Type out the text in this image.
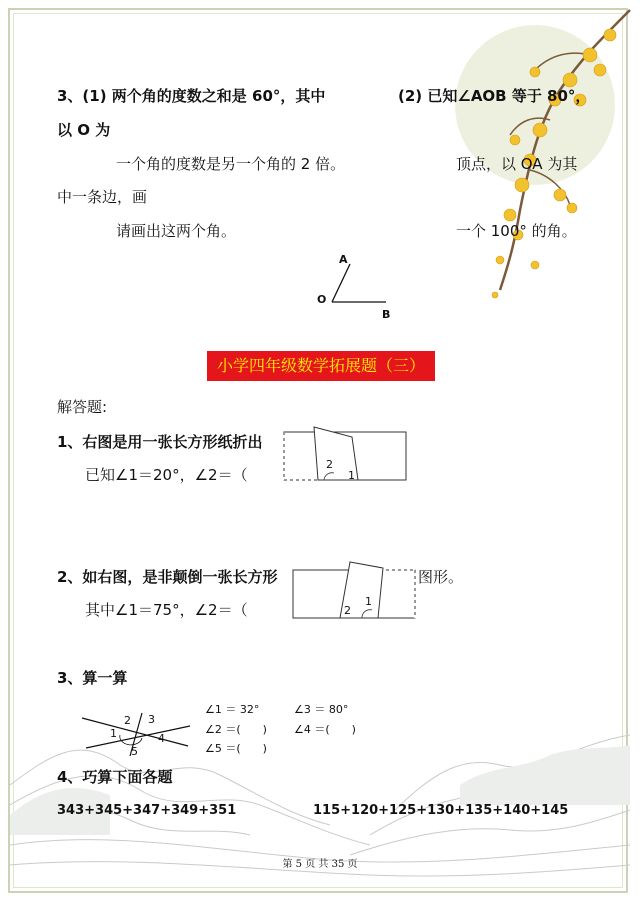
3、(1) 两个角的度数之和是 60°，其中	(2) 已知∠AOB 等于 80°，
以 O 为
一个角的度数是另一个角的 2 倍。	顶点，以 OA 为其
中一条边，画
请画出这两个角。	一个 100° 的角。
A
O
B
小学四年级数学拓展题（三）
解答题:
1、右图是用一张长方形纸折出
已知∠1＝20°，∠2＝（
2
1
2、如右图，是非颠倒一张长方形	图形。
其中∠1＝75°，∠2＝（	2
1
3、算一算
2 3
1	4
5
∠1 ＝ 32°	∠3 ＝ 80°
∠2 ＝(　　) ∠4 ＝(　　)
∠5 ＝(　　)
4、巧算下面各题
343+345+347+349+351	115+120+125+130+135+140+145
第 5 页 共 35 页
